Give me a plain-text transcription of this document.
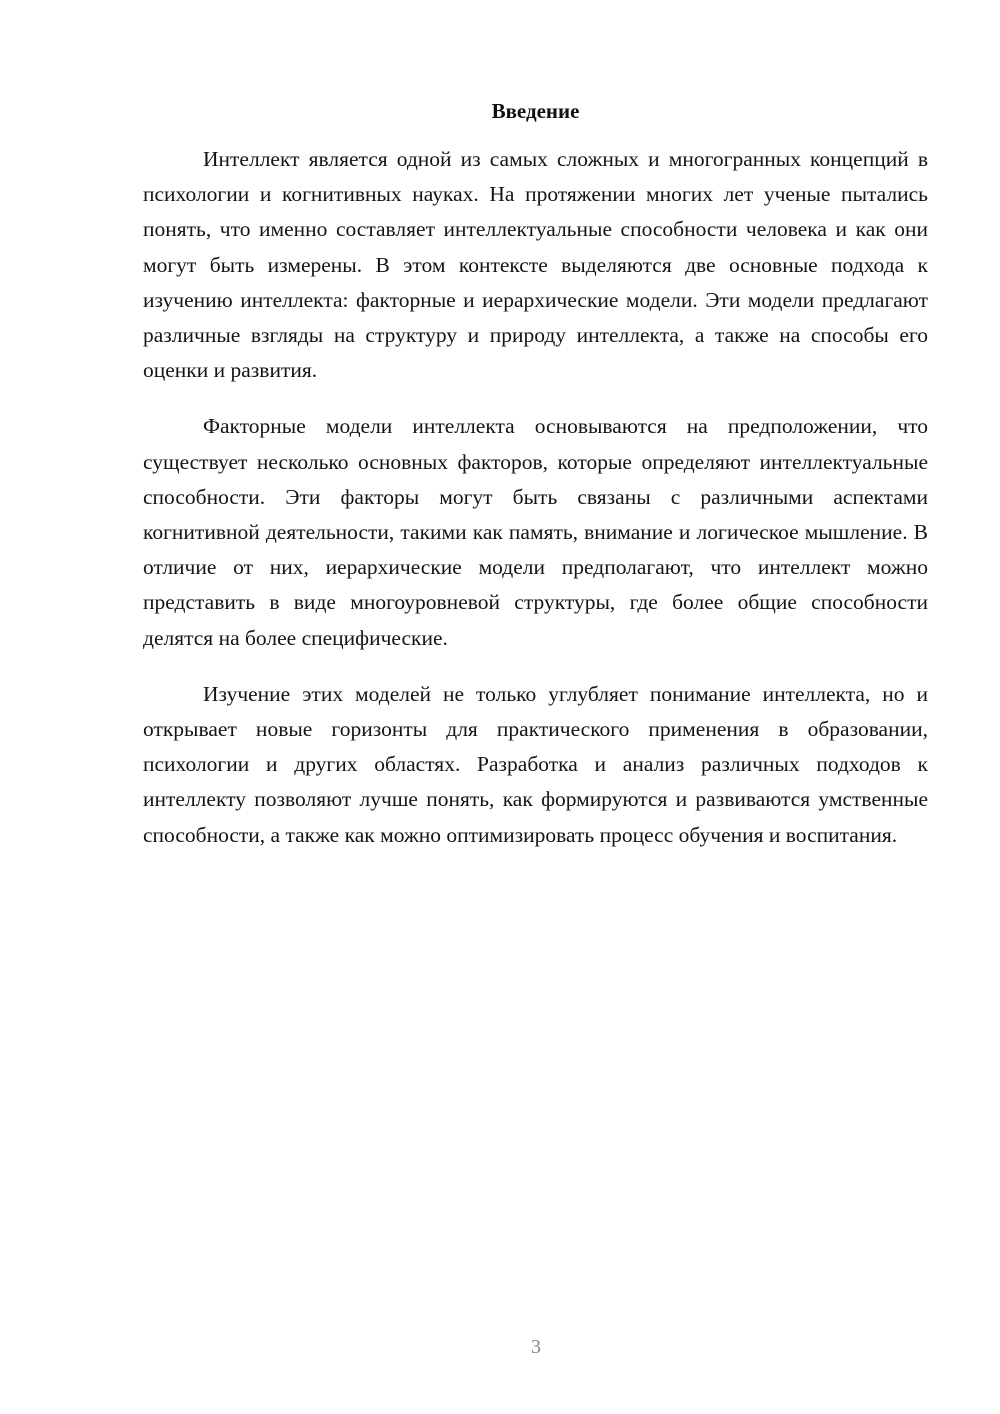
Введение

Интеллект является одной из самых сложных и многогранных концепций в психологии и когнитивных науках. На протяжении многих лет ученые пытались понять, что именно составляет интеллектуальные способности человека и как они могут быть измерены. В этом контексте выделяются две основные подхода к изучению интеллекта: факторные и иерархические модели. Эти модели предлагают различные взгляды на структуру и природу интеллекта, а также на способы его оценки и развития.

Факторные модели интеллекта основываются на предположении, что существует несколько основных факторов, которые определяют интеллектуальные способности. Эти факторы могут быть связаны с различными аспектами когнитивной деятельности, такими как память, внимание и логическое мышление. В отличие от них, иерархические модели предполагают, что интеллект можно представить в виде многоуровневой структуры, где более общие способности делятся на более специфические.

Изучение этих моделей не только углубляет понимание интеллекта, но и открывает новые горизонты для практического применения в образовании, психологии и других областях. Разработка и анализ различных подходов к интеллекту позволяют лучше понять, как формируются и развиваются умственные способности, а также как можно оптимизировать процесс обучения и воспитания.

3
